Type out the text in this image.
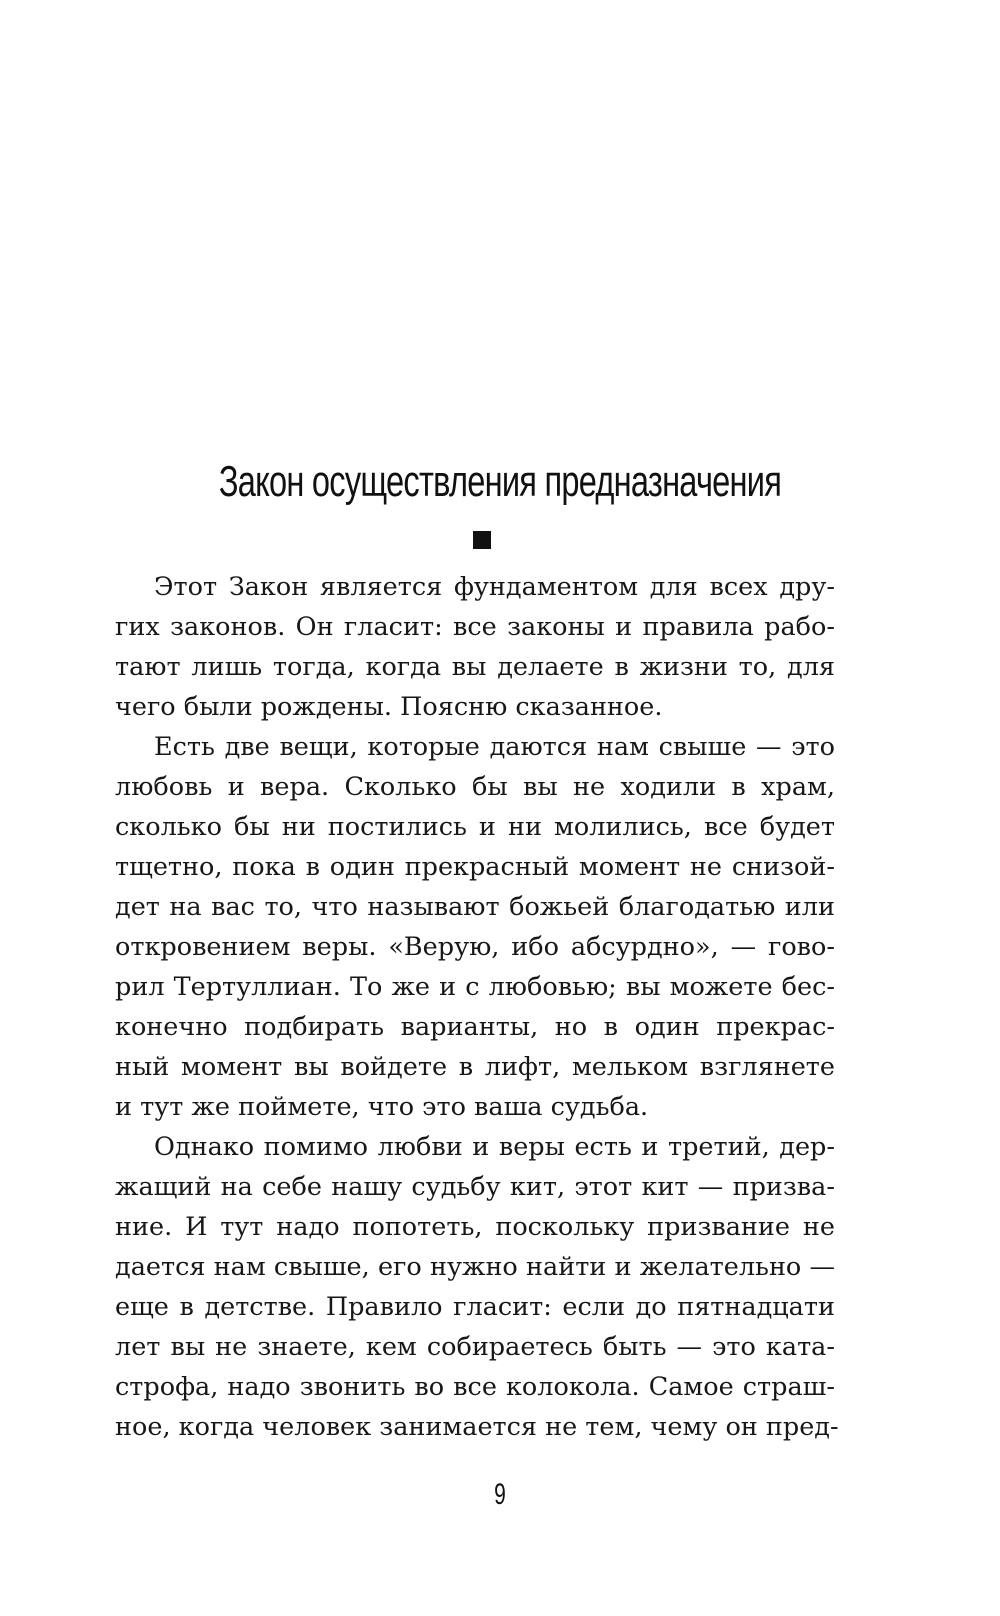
Закон осуществления предназначения
Этот Закон является фундаментом для всех дру-
гих законов. Он гласит: все законы и правила рабо-
тают лишь тогда, когда вы делаете в жизни то, для
чего были рождены. Поясню сказанное.
Есть две вещи, которые даются нам свыше — это
любовь и вера. Сколько бы вы не ходили в храм,
сколько бы ни постились и ни молились, все будет
тщетно, пока в один прекрасный момент не снизой-
дет на вас то, что называют божьей благодатью или
откровением веры. «Верую, ибо абсурдно», — гово-
рил Тертуллиан. То же и с любовью; вы можете бес-
конечно подбирать варианты, но в один прекрас-
ный момент вы войдете в лифт, мельком взглянете
и тут же поймете, что это ваша судьба.
Однако помимо любви и веры есть и третий, дер-
жащий на себе нашу судьбу кит, этот кит — призва-
ние. И тут надо попотеть, поскольку призвание не
дается нам свыше, его нужно найти и желательно —
еще в детстве. Правило гласит: если до пятнадцати
лет вы не знаете, кем собираетесь быть — это ката-
строфа, надо звонить во все колокола. Самое страш-
ное, когда человек занимается не тем, чему он пред-
9
